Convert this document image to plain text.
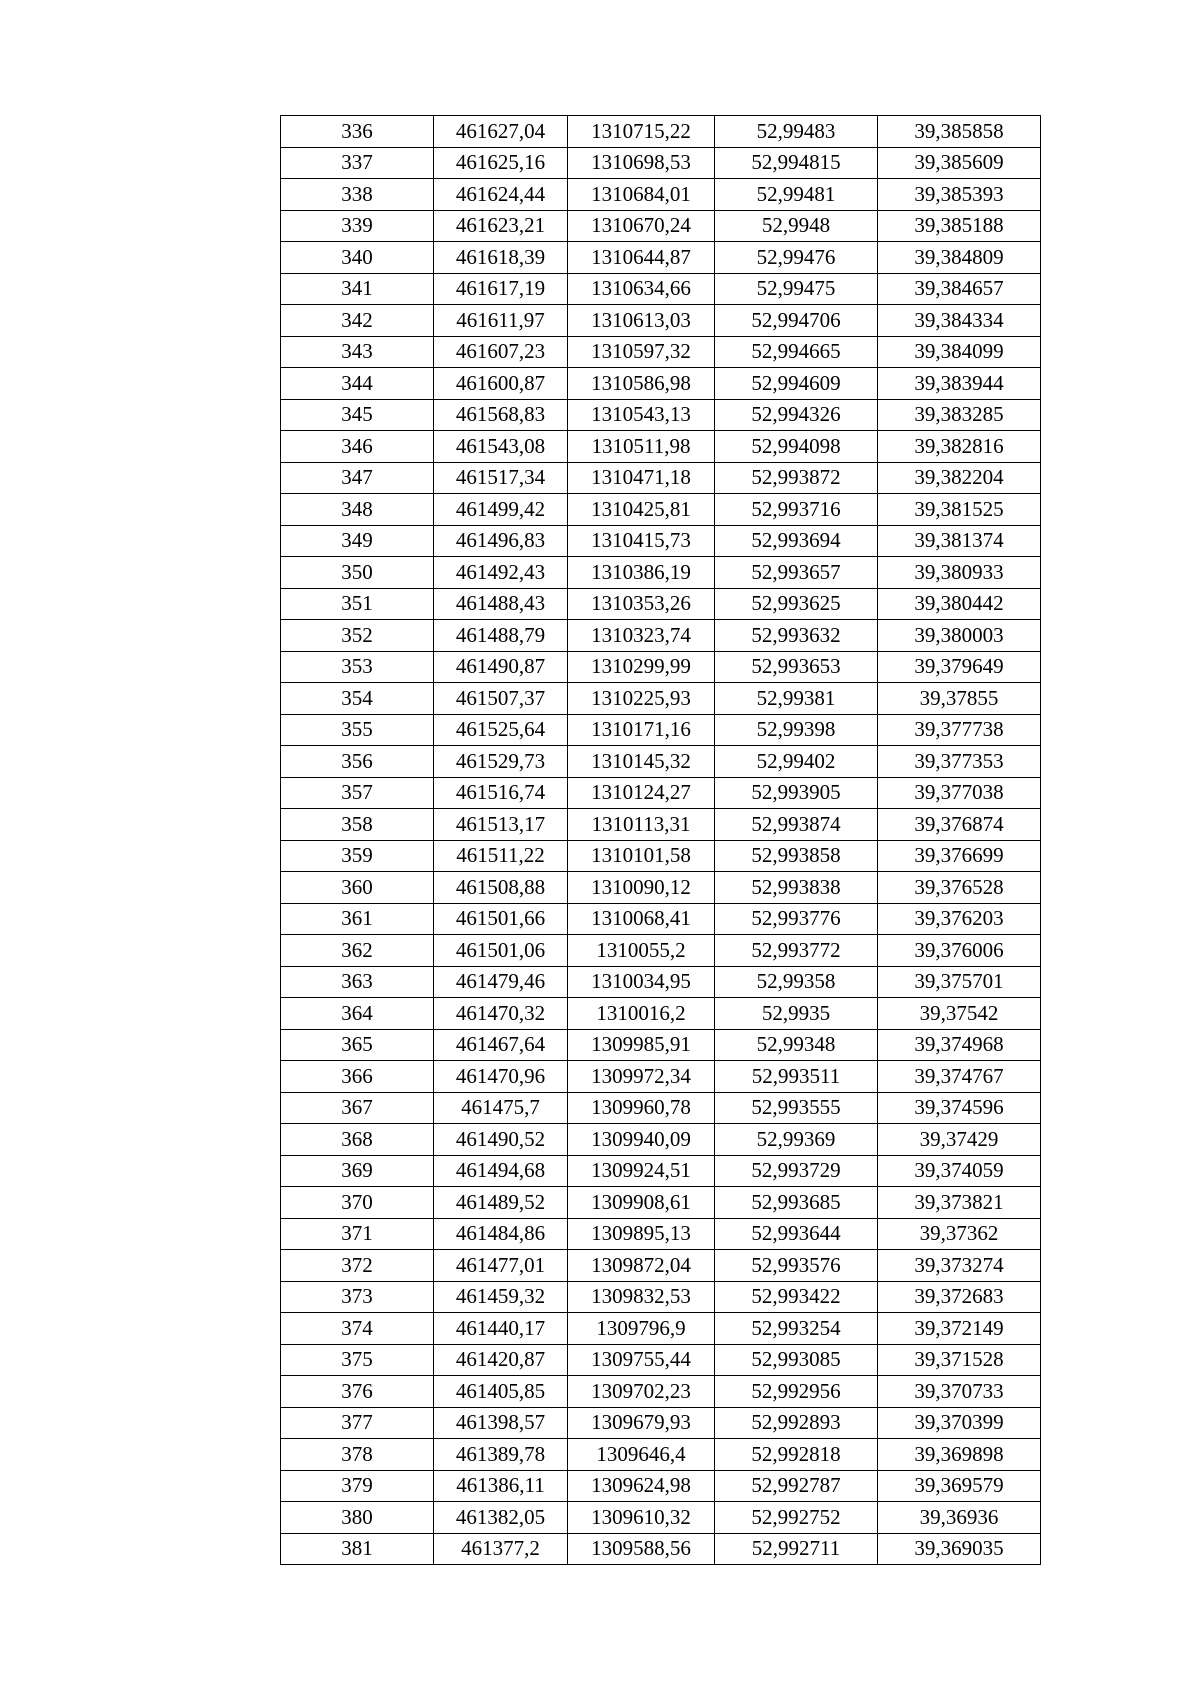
336	461627,04	1310715,22	52,99483	39,385858
337	461625,16	1310698,53	52,994815	39,385609
338	461624,44	1310684,01	52,99481	39,385393
339	461623,21	1310670,24	52,9948	39,385188
340	461618,39	1310644,87	52,99476	39,384809
341	461617,19	1310634,66	52,99475	39,384657
342	461611,97	1310613,03	52,994706	39,384334
343	461607,23	1310597,32	52,994665	39,384099
344	461600,87	1310586,98	52,994609	39,383944
345	461568,83	1310543,13	52,994326	39,383285
346	461543,08	1310511,98	52,994098	39,382816
347	461517,34	1310471,18	52,993872	39,382204
348	461499,42	1310425,81	52,993716	39,381525
349	461496,83	1310415,73	52,993694	39,381374
350	461492,43	1310386,19	52,993657	39,380933
351	461488,43	1310353,26	52,993625	39,380442
352	461488,79	1310323,74	52,993632	39,380003
353	461490,87	1310299,99	52,993653	39,379649
354	461507,37	1310225,93	52,99381	39,37855
355	461525,64	1310171,16	52,99398	39,377738
356	461529,73	1310145,32	52,99402	39,377353
357	461516,74	1310124,27	52,993905	39,377038
358	461513,17	1310113,31	52,993874	39,376874
359	461511,22	1310101,58	52,993858	39,376699
360	461508,88	1310090,12	52,993838	39,376528
361	461501,66	1310068,41	52,993776	39,376203
362	461501,06	1310055,2	52,993772	39,376006
363	461479,46	1310034,95	52,99358	39,375701
364	461470,32	1310016,2	52,9935	39,37542
365	461467,64	1309985,91	52,99348	39,374968
366	461470,96	1309972,34	52,993511	39,374767
367	461475,7	1309960,78	52,993555	39,374596
368	461490,52	1309940,09	52,99369	39,37429
369	461494,68	1309924,51	52,993729	39,374059
370	461489,52	1309908,61	52,993685	39,373821
371	461484,86	1309895,13	52,993644	39,37362
372	461477,01	1309872,04	52,993576	39,373274
373	461459,32	1309832,53	52,993422	39,372683
374	461440,17	1309796,9	52,993254	39,372149
375	461420,87	1309755,44	52,993085	39,371528
376	461405,85	1309702,23	52,992956	39,370733
377	461398,57	1309679,93	52,992893	39,370399
378	461389,78	1309646,4	52,992818	39,369898
379	461386,11	1309624,98	52,992787	39,369579
380	461382,05	1309610,32	52,992752	39,36936
381	461377,2	1309588,56	52,992711	39,369035
